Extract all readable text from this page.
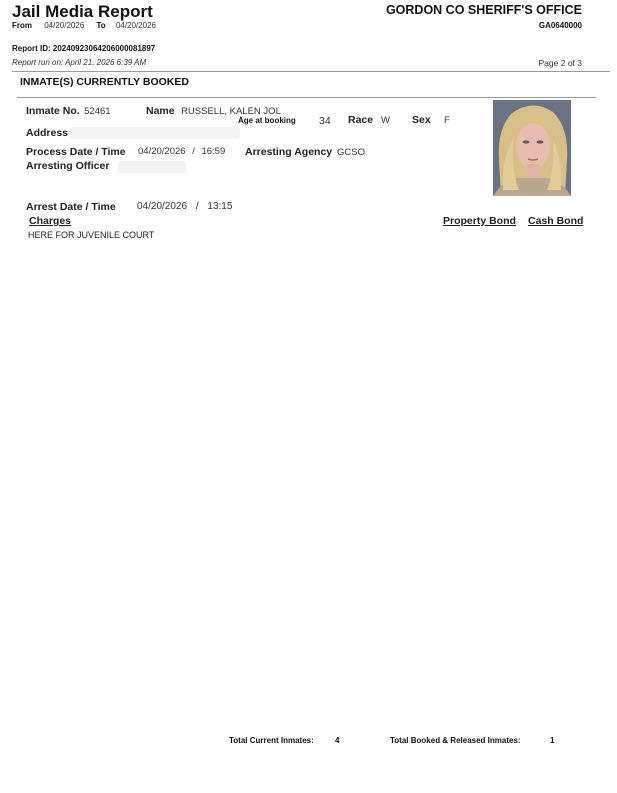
Jail Media Report
From 04/20/2026 To 04/20/2026
Report ID: 20240923064206000081897
Report run on: April 21, 2026 6:39 AM
GORDON CO SHERIFF'S OFFICE
GA0640000
Page 2 of 3
INMATE(S) CURRENTLY BOOKED
Inmate No. 52461	Name RUSSELL, KALEN JOL
Age at booking 34 Race W Sex F
Address
Process Date / Time 04/20/2026 / 16:59 Arresting Agency GCSO
Arresting Officer
Arrest Date / Time 04/20/2026 / 13:15
Charges	Property Bond Cash Bond
HERE FOR JUVENILE COURT
Total Current Inmates:	4	Total Booked & Released Inmates:	1
